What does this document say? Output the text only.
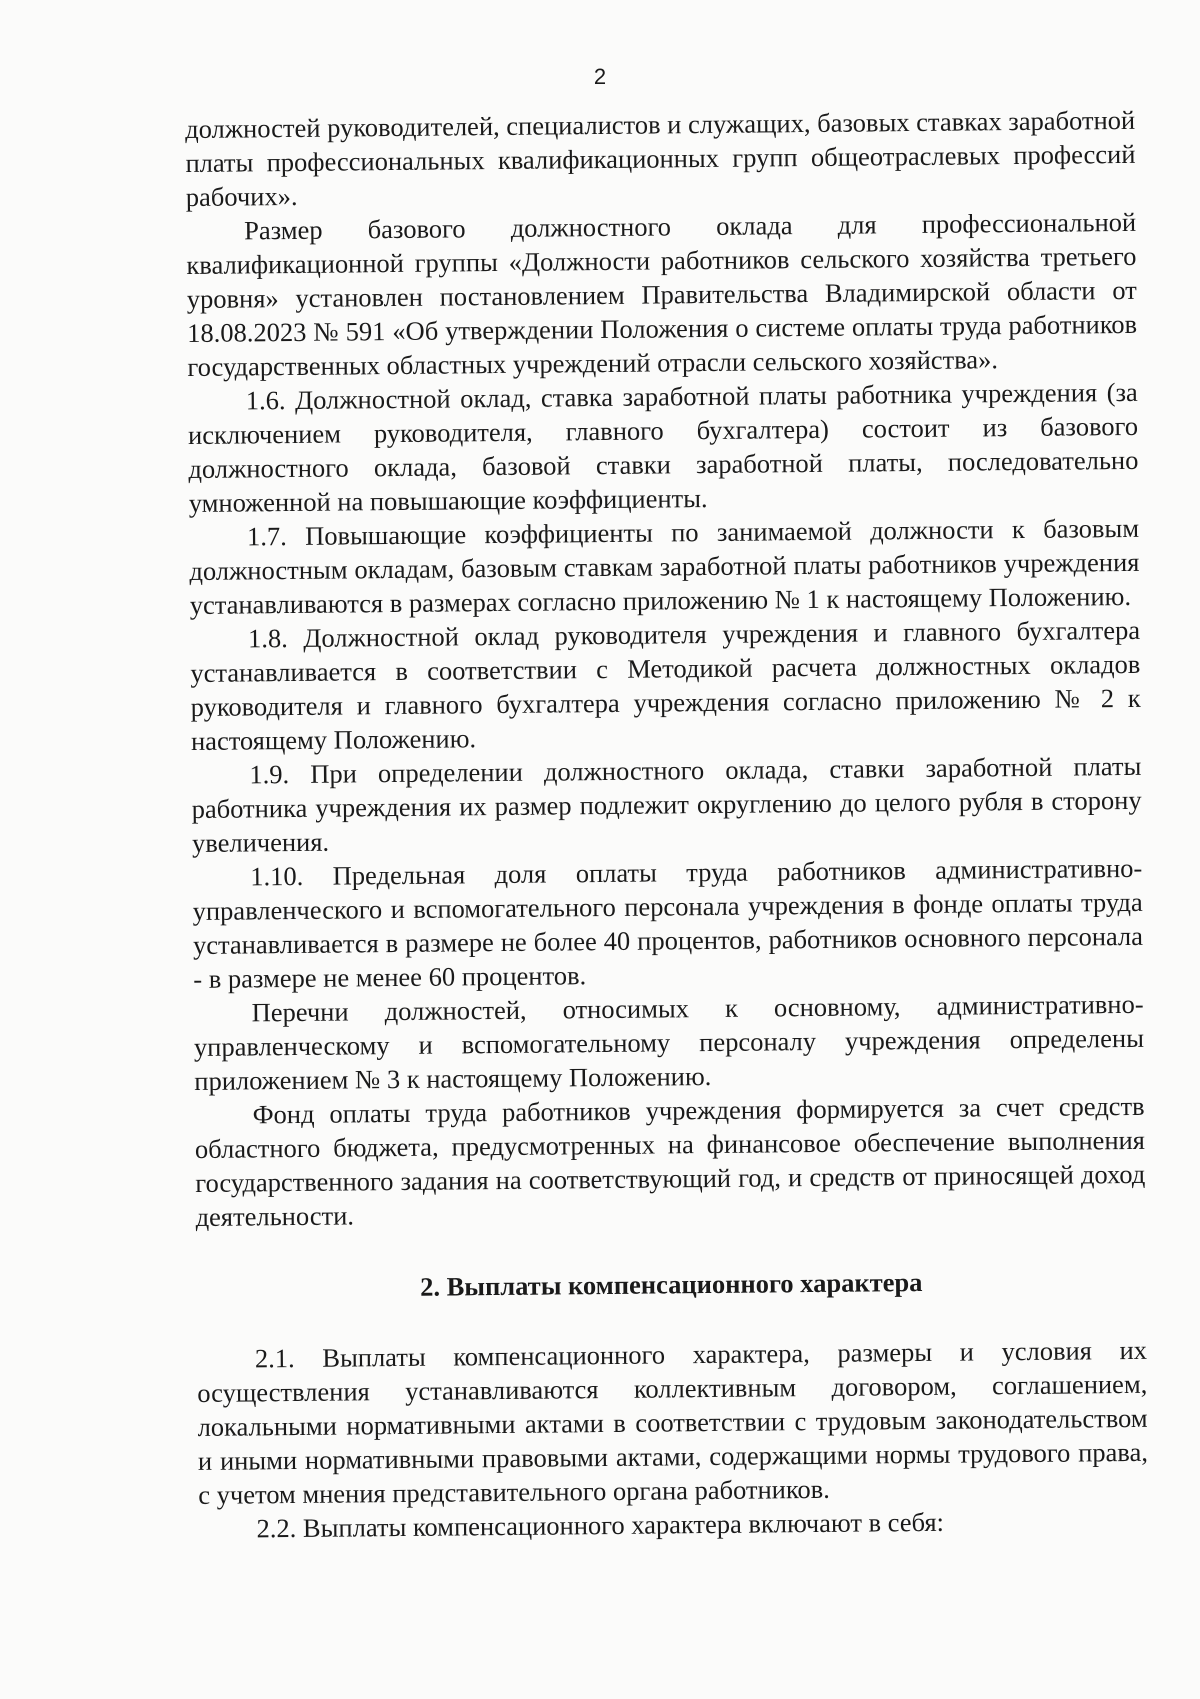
2

должностей руководителей, специалистов и служащих, базовых ставках заработной платы профессиональных квалификационных групп общеотраслевых профессий рабочих».

Размер базового должностного оклада для профессиональной квалификационной группы «Должности работников сельского хозяйства третьего уровня» установлен постановлением Правительства Владимирской области от 18.08.2023 № 591 «Об утверждении Положения о системе оплаты труда работников государственных областных учреждений отрасли сельского хозяйства».

1.6. Должностной оклад, ставка заработной платы работника учреждения (за исключением руководителя, главного бухгалтера) состоит из базового должностного оклада, базовой ставки заработной платы, последовательно умноженной на повышающие коэффициенты.

1.7. Повышающие коэффициенты по занимаемой должности к базовым должностным окладам, базовым ставкам заработной платы работников учреждения устанавливаются в размерах согласно приложению № 1 к настоящему Положению.

1.8. Должностной оклад руководителя учреждения и главного бухгалтера устанавливается в соответствии с Методикой расчета должностных окладов руководителя и главного бухгалтера учреждения согласно приложению № 2 к настоящему Положению.

1.9. При определении должностного оклада, ставки заработной платы работника учреждения их размер подлежит округлению до целого рубля в сторону увеличения.

1.10. Предельная доля оплаты труда работников административно-управленческого и вспомогательного персонала учреждения в фонде оплаты труда устанавливается в размере не более 40 процентов, работников основного персонала - в размере не менее 60 процентов.

Перечни должностей, относимых к основному, административно-управленческому и вспомогательному персоналу учреждения определены приложением № 3 к настоящему Положению.

Фонд оплаты труда работников учреждения формируется за счет средств областного бюджета, предусмотренных на финансовое обеспечение выполнения государственного задания на соответствующий год, и средств от приносящей доход деятельности.

2. Выплаты компенсационного характера

2.1. Выплаты компенсационного характера, размеры и условия их осуществления устанавливаются коллективным договором, соглашением, локальными нормативными актами в соответствии с трудовым законодательством и иными нормативными правовыми актами, содержащими нормы трудового права, с учетом мнения представительного органа работников.

2.2. Выплаты компенсационного характера включают в себя:
